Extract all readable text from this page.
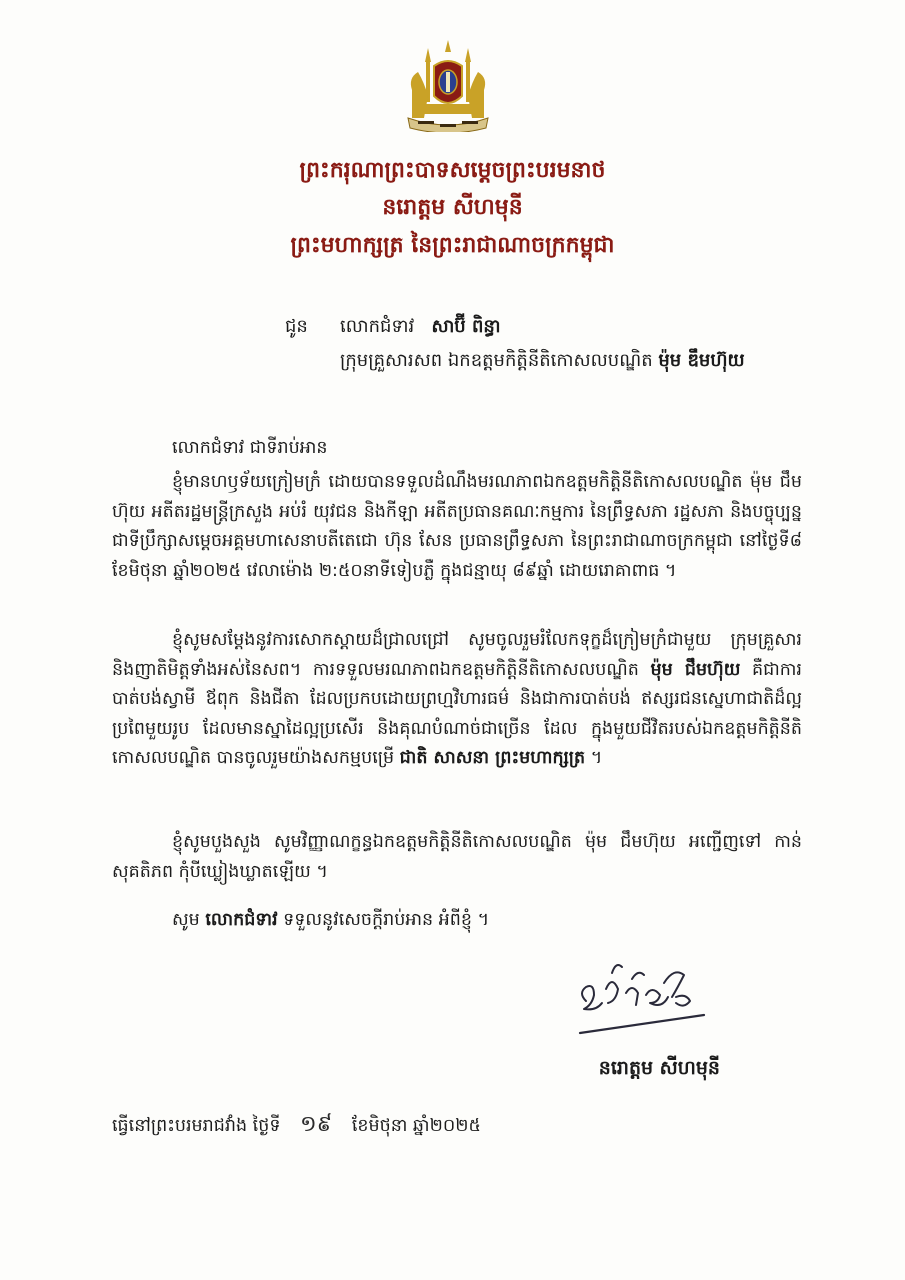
ព្រះករុណាព្រះបាទសម្តេចព្រះបរមនាថ
នរោត្តម សីហមុនី
ព្រះមហាក្សត្រ នៃព្រះរាជាណាចក្រកម្ពុជា
ជូន លោកជំទាវ សាប៊ី ពិន្ធា
ក្រុមគ្រួសារសព ឯកឧត្តមកិត្តិនីតិកោសលបណ្ឌិត ម៉ុម ឌឹមហ៊ុយ
លោកជំទាវ ជាទីរាប់អាន

ខ្ញុំមានហឫទ័យក្រៀមក្រំ ដោយបានទទួលដំណឹងមរណភាពឯកឧត្តមកិត្តិនីតិកោសលបណ្ឌិត ម៉ុម ជឹមហ៊ុយ អតីតរដ្ឋមន្ត្រីក្រសួង អប់រំ យុវជន និងកីឡា អតីតប្រធានគណៈកម្មការ នៃព្រឹទ្ធសភា រដ្ឋសភា និងបច្ចុប្បន្នជាទីប្រឹក្សាសម្តេចអគ្គមហាសេនាបតីតេជោ ហ៊ុន សែន ប្រធានព្រឹទ្ធសភា នៃព្រះរាជាណាចក្រកម្ពុជា នៅថ្ងៃទី៨ ខែមិថុនា ឆ្នាំ២០២៥ វេលាម៉ោង ២:៥០នាទីទៀបភ្លឺ ក្នុងជន្មាយុ ៨៩ឆ្នាំ ដោយរោគាពាធ ។

ខ្ញុំសូមសម្តែងនូវការសោកស្តាយដ៏ជ្រាលជ្រៅ សូមចូលរួមរំលែកទុក្ខដ៏ក្រៀមក្រំជាមួយ ក្រុមគ្រួសារ និងញាតិមិត្តទាំងអស់នៃសព។ ការទទួលមរណភាពឯកឧត្តមកិត្តិនីតិកោសលបណ្ឌិត ម៉ុម ជឹមហ៊ុយ គឺជាការបាត់បង់ស្វាមី ឪពុក និងជីតា ដែលប្រកបដោយព្រហ្មវិហារធម៌ និងជាការបាត់បង់ ឥស្សរជនស្នេហាជាតិដ៏ល្អប្រពៃមួយរូប ដែលមានស្នាដៃល្អប្រសើរ និងគុណបំណាច់ជាច្រើន ដែល ក្នុងមួយជីវិតរបស់ឯកឧត្តមកិត្តិនីតិកោសលបណ្ឌិត បានចូលរួមយ៉ាងសកម្មបម្រើ ជាតិ សាសនា ព្រះមហាក្សត្រ ។

ខ្ញុំសូមបួងសួង សូមវិញ្ញាណក្ខន្ធឯកឧត្តមកិត្តិនីតិកោសលបណ្ឌិត ម៉ុម ជឹមហ៊ុយ អញ្ជើញទៅ កាន់សុគតិភព កុំបីឃ្លៀងឃ្លាតឡើយ ។

សូម លោកជំទាវ ទទួលនូវសេចក្តីរាប់អាន អំពីខ្ញុំ ។
នរោត្តម សីហមុនី
ធ្វើនៅព្រះបរមរាជវាំង ថ្ងៃទី ១៩ ខែមិថុនា ឆ្នាំ២០២៥
